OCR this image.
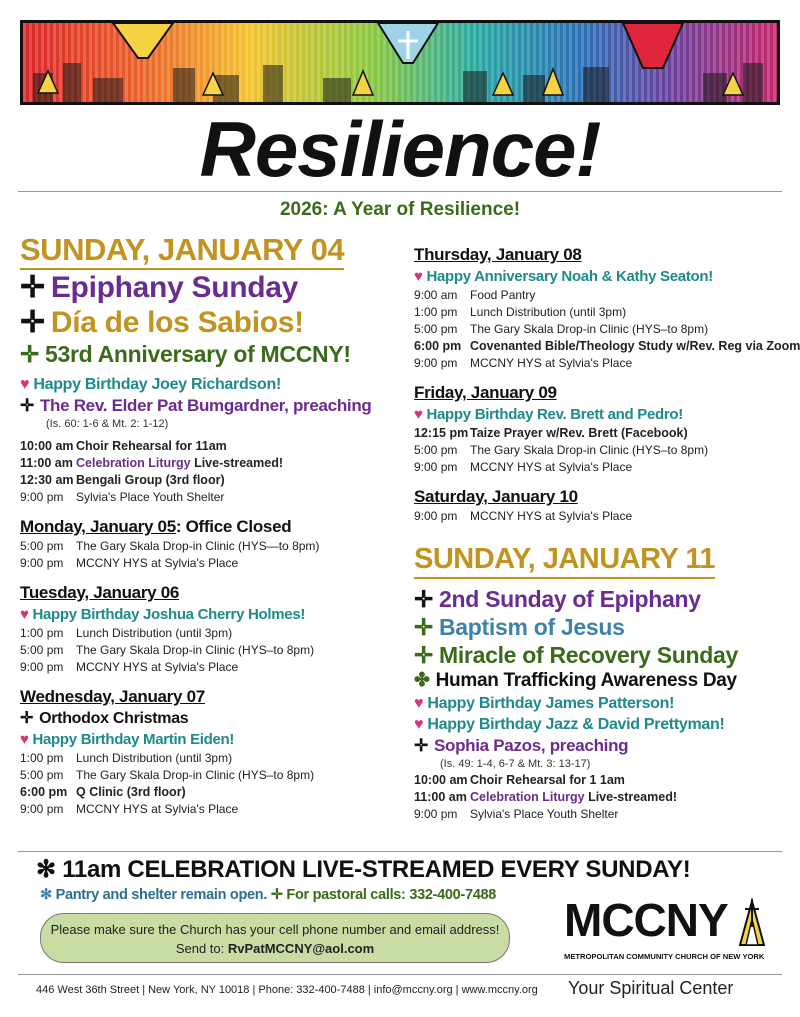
Resilience!
2026: A Year of Resilience!
SUNDAY, JANUARY 04
✛ Epiphany Sunday
✛ Día de los Sabios!
✛ 53rd Anniversary of MCCNY!
♥ Happy Birthday Joey Richardson!
✛ The Rev. Elder Pat Bumgardner, preaching
(Is. 60: 1-6 & Mt. 2: 1-12)
10:00 am Choir Rehearsal for 11am
11:00 am Celebration Liturgy Live-streamed!
12:30 am Bengali Group (3rd floor)
9:00 pm Sylvia's Place Youth Shelter
Monday, January 05: Office Closed
5:00 pm The Gary Skala Drop-in Clinic (HYS—to 8pm)
9:00 pm MCCNY HYS at Sylvia's Place
Tuesday, January 06
♥ Happy Birthday Joshua Cherry Holmes!
1:00 pm Lunch Distribution (until 3pm)
5:00 pm The Gary Skala Drop-in Clinic (HYS–to 8pm)
9:00 pm MCCNY HYS at Sylvia's Place
Wednesday, January 07
✛ Orthodox Christmas
♥ Happy Birthday Martin Eiden!
1:00 pm Lunch Distribution (until 3pm)
5:00 pm The Gary Skala Drop-in Clinic (HYS–to 8pm)
6:00 pm Q Clinic (3rd floor)
9:00 pm MCCNY HYS at Sylvia's Place
Thursday, January 08
♥ Happy Anniversary Noah & Kathy Seaton!
9:00 am Food Pantry
1:00 pm Lunch Distribution (until 3pm)
5:00 pm The Gary Skala Drop-in Clinic (HYS–to 8pm)
6:00 pm Covenanted Bible/Theology Study w/Rev. Reg via Zoom
9:00 pm MCCNY HYS at Sylvia's Place
Friday, January 09
♥ Happy Birthday Rev. Brett and Pedro!
12:15 pm Taize Prayer w/Rev. Brett (Facebook)
5:00 pm The Gary Skala Drop-in Clinic (HYS–to 8pm)
9:00 pm MCCNY HYS at Sylvia's Place
Saturday, January 10
9:00 pm MCCNY HYS at Sylvia's Place
SUNDAY, JANUARY 11
✛ 2nd Sunday of Epiphany
✛ Baptism of Jesus
✛ Miracle of Recovery Sunday
✤ Human Trafficking Awareness Day
♥ Happy Birthday James Patterson!
♥ Happy Birthday Jazz & David Prettyman!
✛ Sophia Pazos, preaching
(Is. 49: 1-4, 6-7 & Mt. 3: 13-17)
10:00 am Choir Rehearsal for 1 1am
11:00 am Celebration Liturgy Live-streamed!
9:00 pm Sylvia's Place Youth Shelter
✻ 11am CELEBRATION LIVE-STREAMED EVERY SUNDAY!
✻ Pantry and shelter remain open. ✛ For pastoral calls: 332-400-7488
Please make sure the Church has your cell phone number and email address!
Send to: RvPatMCCNY@aol.com
MCCNY
METROPOLITAN COMMUNITY CHURCH OF NEW YORK
446 West 36th Street | New York, NY 10018 | Phone: 332-400-7488 | info@mccny.org | www.mccny.org Your Spiritual Center
